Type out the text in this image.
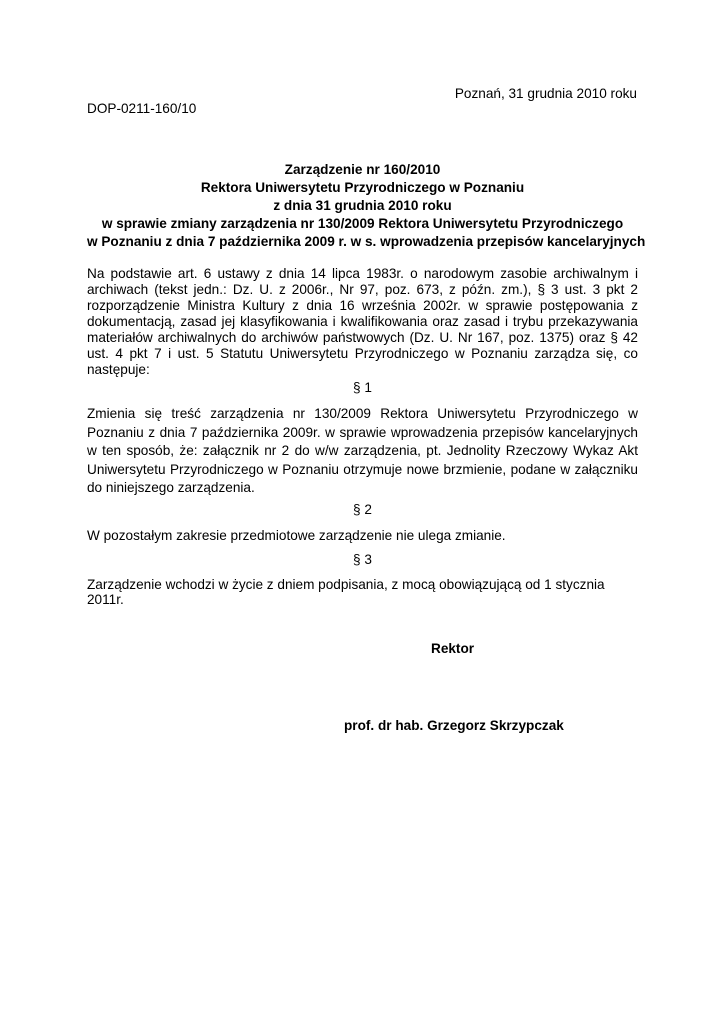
Poznań, 31 grudnia 2010 roku
DOP-0211-160/10
Zarządzenie nr 160/2010
Rektora Uniwersytetu Przyrodniczego w Poznaniu
z dnia 31 grudnia 2010 roku
w sprawie zmiany zarządzenia nr 130/2009 Rektora Uniwersytetu Przyrodniczego
w Poznaniu z dnia 7 października 2009 r. w s. wprowadzenia przepisów kancelaryjnych
Na podstawie art. 6 ustawy z dnia 14 lipca 1983r. o narodowym zasobie archiwalnym i archiwach (tekst jedn.: Dz. U. z 2006r., Nr 97, poz. 673, z późn. zm.), § 3 ust. 3 pkt 2 rozporządzenie Ministra Kultury z dnia 16 września 2002r. w sprawie postępowania z dokumentacją, zasad jej klasyfikowania i kwalifikowania oraz zasad i trybu przekazywania materiałów archiwalnych do archiwów państwowych (Dz. U. Nr 167, poz. 1375) oraz § 42 ust. 4 pkt 7 i ust. 5 Statutu Uniwersytetu Przyrodniczego w Poznaniu zarządza się, co następuje:
§ 1
Zmienia się treść zarządzenia nr 130/2009 Rektora Uniwersytetu Przyrodniczego w Poznaniu z dnia 7 października 2009r. w sprawie wprowadzenia przepisów kancelaryjnych w ten sposób, że: załącznik nr 2 do w/w zarządzenia, pt. Jednolity Rzeczowy Wykaz Akt Uniwersytetu Przyrodniczego w Poznaniu otrzymuje nowe brzmienie, podane w załączniku do niniejszego zarządzenia.
§ 2
W pozostałym zakresie przedmiotowe zarządzenie nie ulega zmianie.
§ 3
Zarządzenie wchodzi w życie z dniem podpisania, z mocą obowiązującą od 1 stycznia 2011r.
Rektor
prof. dr hab. Grzegorz Skrzypczak
